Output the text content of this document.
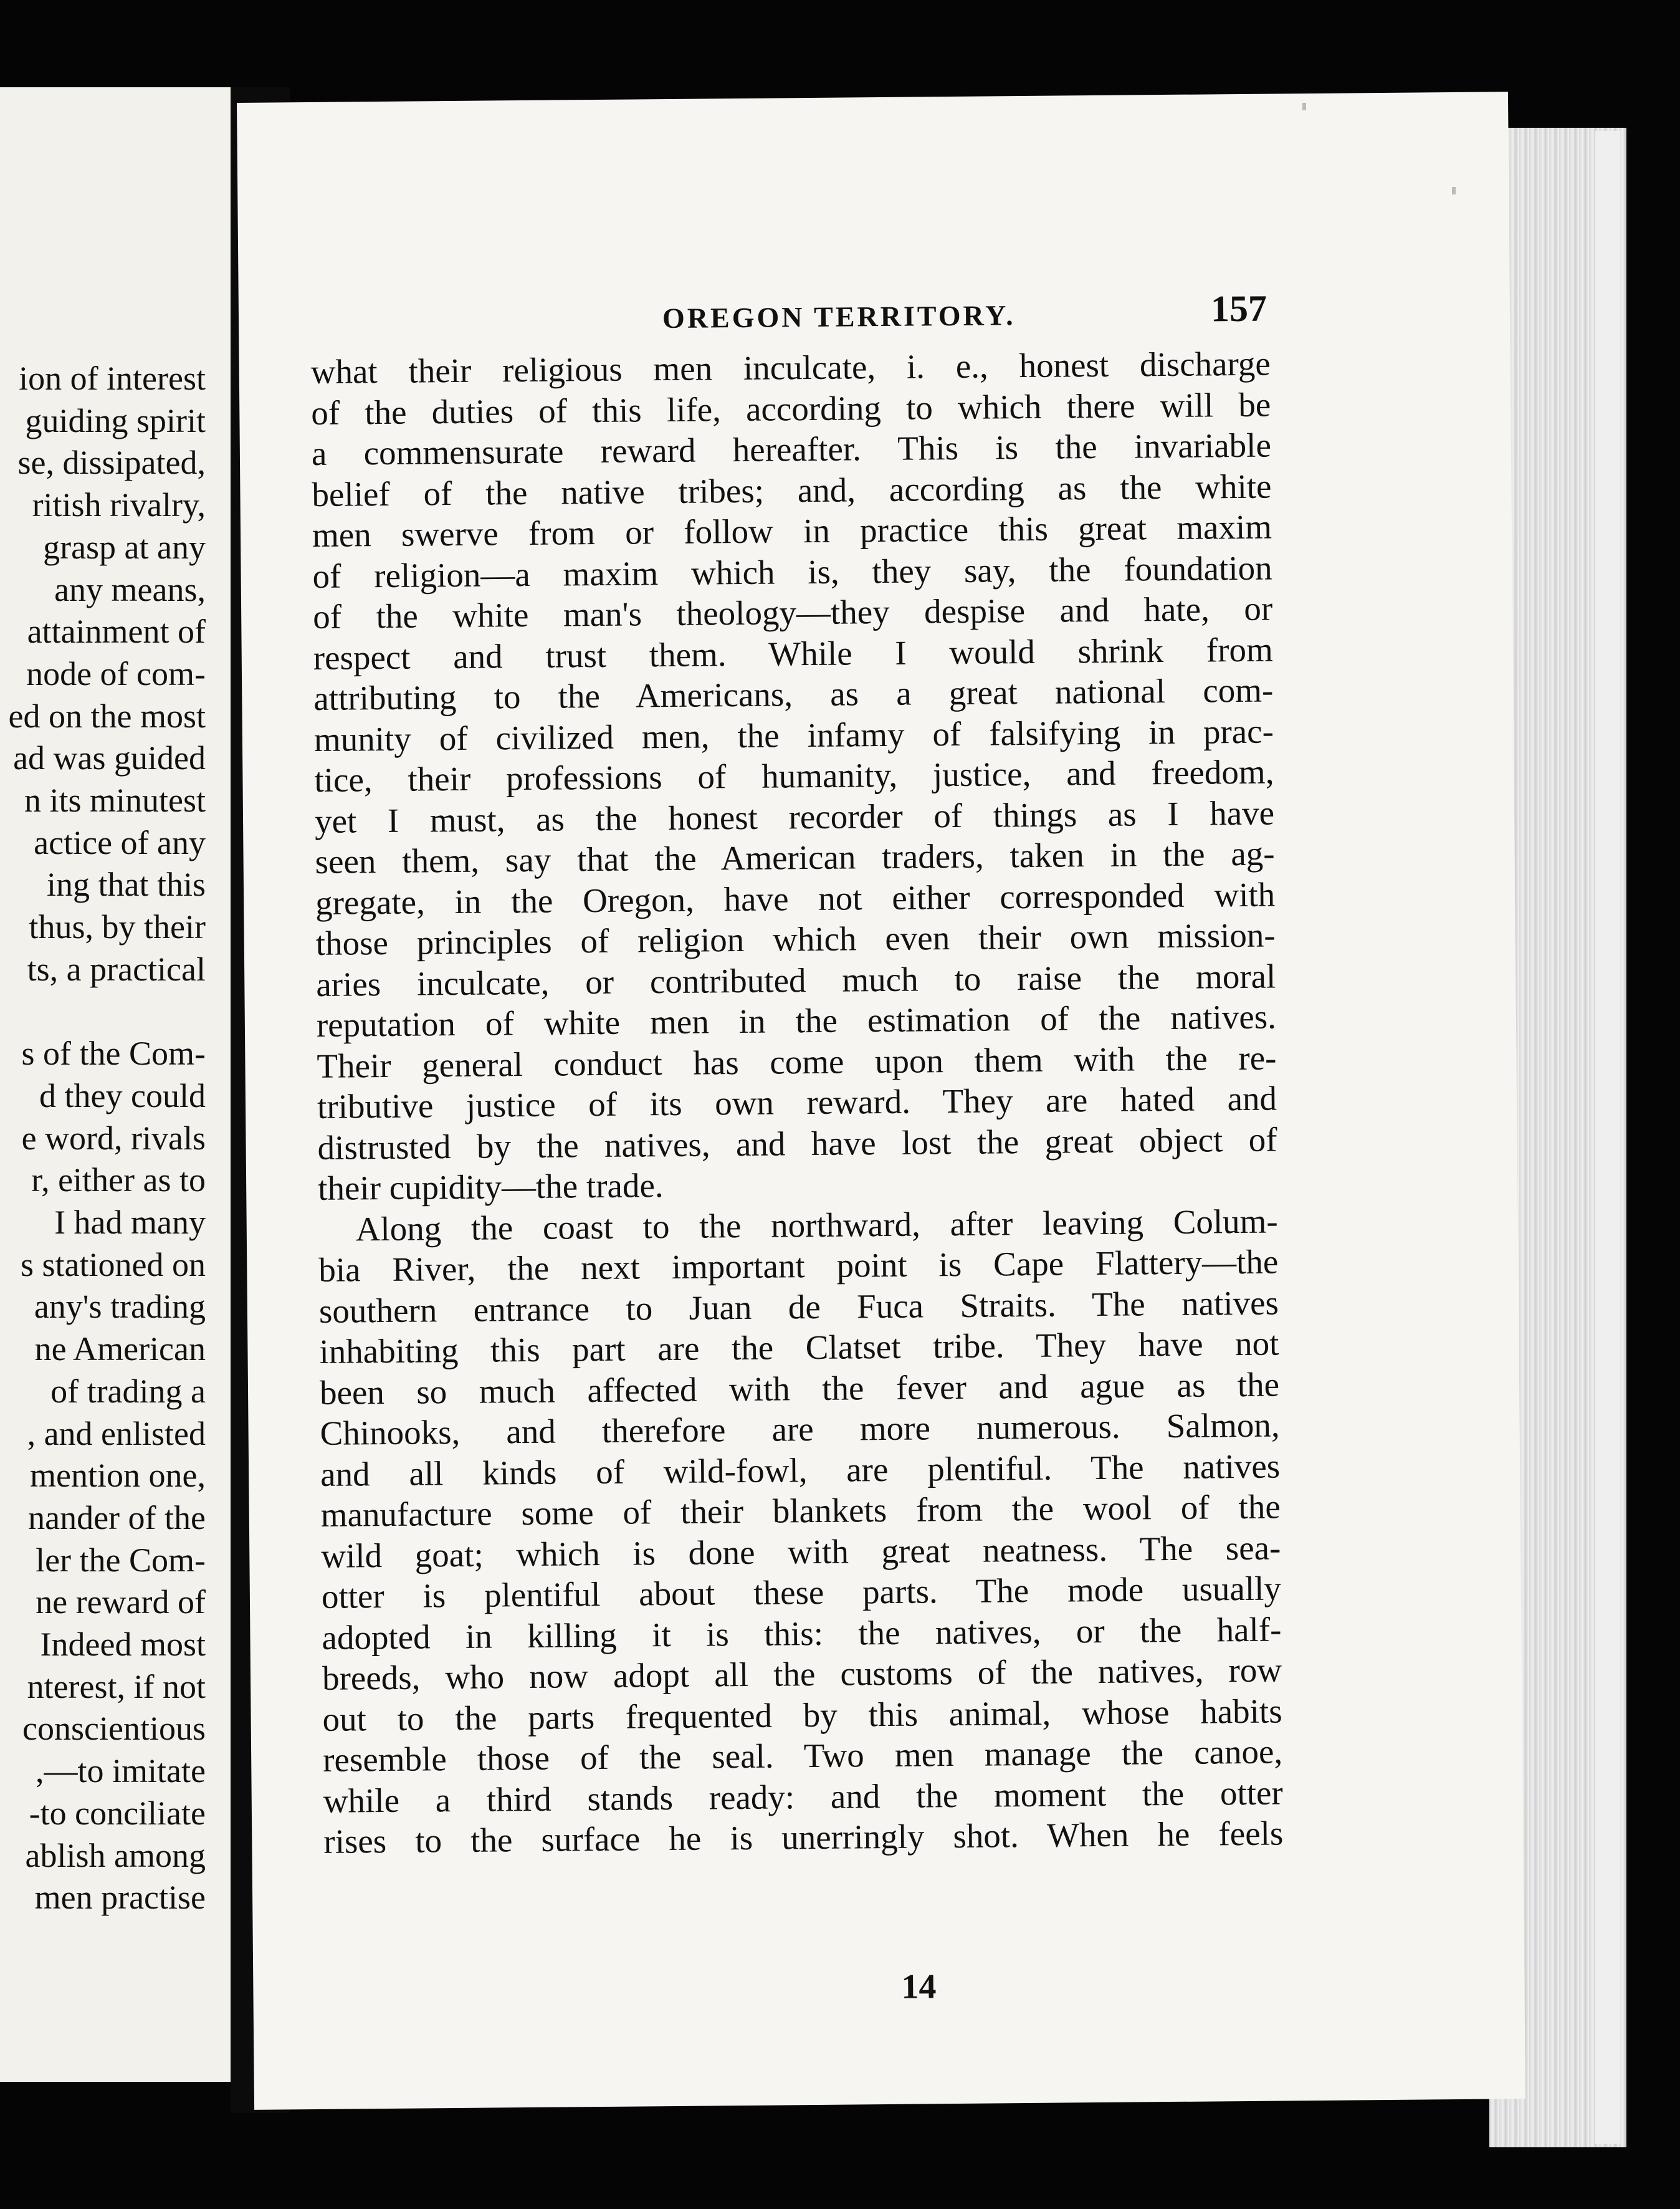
ion of interest
guiding spirit
se, dissipated,
ritish rivalry,
grasp at any
any means,
attainment of
node of com-
ed on the most
ad was guided
n its minutest
actice of any
ing that this
thus, by their
ts, a practical
s of the Com-
d they could
e word, rivals
r, either as to
I had many
s stationed on
any's trading
ne American
of trading a
, and enlisted
mention one,
nander of the
ler the Com-
ne reward of
Indeed most
nterest, if not
conscientious
,—to imitate
-to conciliate
ablish among
men practise
OREGON TERRITORY.	157
what their religious men inculcate, i. e., honest discharge
of the duties of this life, according to which there will be
a commensurate reward hereafter. This is the invariable
belief of the native tribes; and, according as the white
men swerve from or follow in practice this great maxim
of religion—a maxim which is, they say, the foundation
of the white man's theology—they despise and hate, or
respect and trust them. While I would shrink from
attributing to the Americans, as a great national com-
munity of civilized men, the infamy of falsifying in prac-
tice, their professions of humanity, justice, and freedom,
yet I must, as the honest recorder of things as I have
seen them, say that the American traders, taken in the ag-
gregate, in the Oregon, have not either corresponded with
those principles of religion which even their own mission-
aries inculcate, or contributed much to raise the moral
reputation of white men in the estimation of the natives.
Their general conduct has come upon them with the re-
tributive justice of its own reward. They are hated and
distrusted by the natives, and have lost the great object of
their cupidity—the trade.
Along the coast to the northward, after leaving Colum-
bia River, the next important point is Cape Flattery—the
southern entrance to Juan de Fuca Straits. The natives
inhabiting this part are the Clatset tribe. They have not
been so much affected with the fever and ague as the
Chinooks, and therefore are more numerous. Salmon,
and all kinds of wild-fowl, are plentiful. The natives
manufacture some of their blankets from the wool of the
wild goat; which is done with great neatness. The sea-
otter is plentiful about these parts. The mode usually
adopted in killing it is this: the natives, or the half-
breeds, who now adopt all the customs of the natives, row
out to the parts frequented by this animal, whose habits
resemble those of the seal. Two men manage the canoe,
while a third stands ready: and the moment the otter
rises to the surface he is unerringly shot. When he feels
14
